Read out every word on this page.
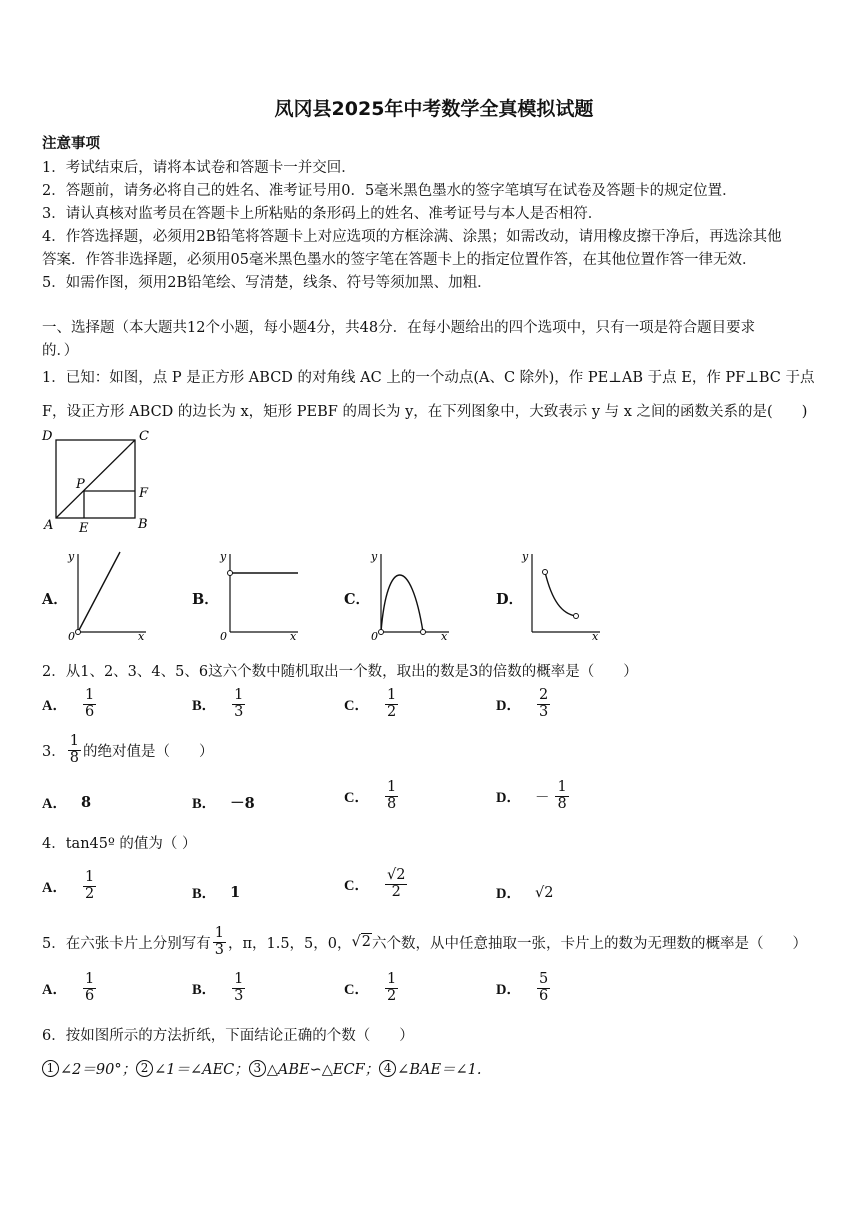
凤冈县2025年中考数学全真模拟试题
注意事项
1．考试结束后，请将本试卷和答题卡一并交回．
2．答题前，请务必将自己的姓名、准考证号用0．5毫米黑色墨水的签字笔填写在试卷及答题卡的规定位置．
3．请认真核对监考员在答题卡上所粘贴的条形码上的姓名、准考证号与本人是否相符．
4．作答选择题，必须用2B铅笔将答题卡上对应选项的方框涂满、涂黑；如需改动，请用橡皮擦干净后，再选涂其他
答案．作答非选择题，必须用05毫米黑色墨水的签字笔在答题卡上的指定位置作答，在其他位置作答一律无效．
5．如需作图，须用2B铅笔绘、写清楚，线条、符号等须加黑、加粗．
一、选择题（本大题共12个小题，每小题4分，共48分．在每小题给出的四个选项中，只有一项是符合题目要求
的．）
1．已知：如图，点 P 是正方形 ABCD 的对角线 AC 上的一个动点(A、C 除外)，作 PE⊥AB 于点 E，作 PF⊥BC 于点
F，设正方形 ABCD 的边长为 x，矩形 PEBF 的周长为 y，在下列图象中，大致表示 y 与 x 之间的函数关系的是(　　)
D	C
A	B
P
E
F
A．
y
x
0
B．
y
x
0
C．
y
x
0
D．
y
x
2．从1、2、3、4、5、6这六个数中随机取出一个数，取出的数是3的倍数的概率是（　　）
A． $\frac{1}{6}$	B． $\frac{1}{3}$	C． $\frac{1}{2}$	D． $\frac{2}{3}$
3． $\frac{1}{8}$ 的绝对值是（　　）
A． 8	B． －8	C． $\frac{1}{8}$	D． － $\frac{1}{8}$
4．tan45º 的值为（ ）
A． $\frac{1}{2}$	B． 1	C． $\frac{√2}{2}$	D． √2
5．在六张卡片上分别写有 $\frac{1}{3}$ ，π，1.5，5，0， √2 六个数，从中任意抽取一张，卡片上的数为无理数的概率是（　　）
A． $\frac{1}{6}$	B． $\frac{1}{3}$	C． $\frac{1}{2}$	D． $\frac{5}{6}$
6．按如图所示的方法折纸，下面结论正确的个数（　　）
1 ∠2＝90°； 2 ∠1＝∠AEC； 3 △ABE∽△ECF； 4 ∠BAE＝∠1.
